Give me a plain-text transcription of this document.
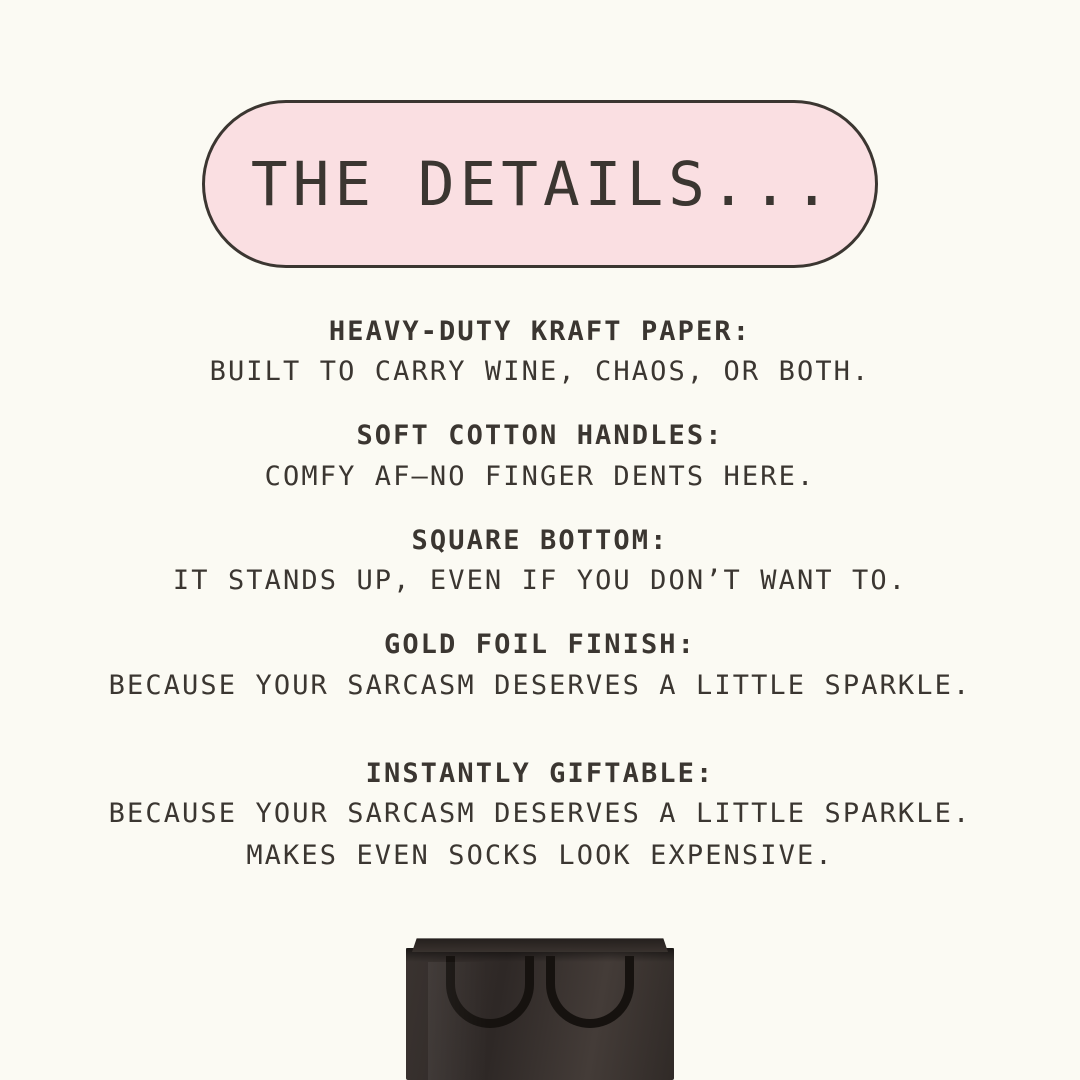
THE DETAILS...
HEAVY-DUTY KRAFT PAPER:
BUILT TO CARRY WINE, CHAOS, OR BOTH.
SOFT COTTON HANDLES:
COMFY AF—NO FINGER DENTS HERE.
SQUARE BOTTOM:
IT STANDS UP, EVEN IF YOU DON’T WANT TO.
GOLD FOIL FINISH:
BECAUSE YOUR SARCASM DESERVES A LITTLE SPARKLE.
INSTANTLY GIFTABLE:
BECAUSE YOUR SARCASM DESERVES A LITTLE SPARKLE.
MAKES EVEN SOCKS LOOK EXPENSIVE.
